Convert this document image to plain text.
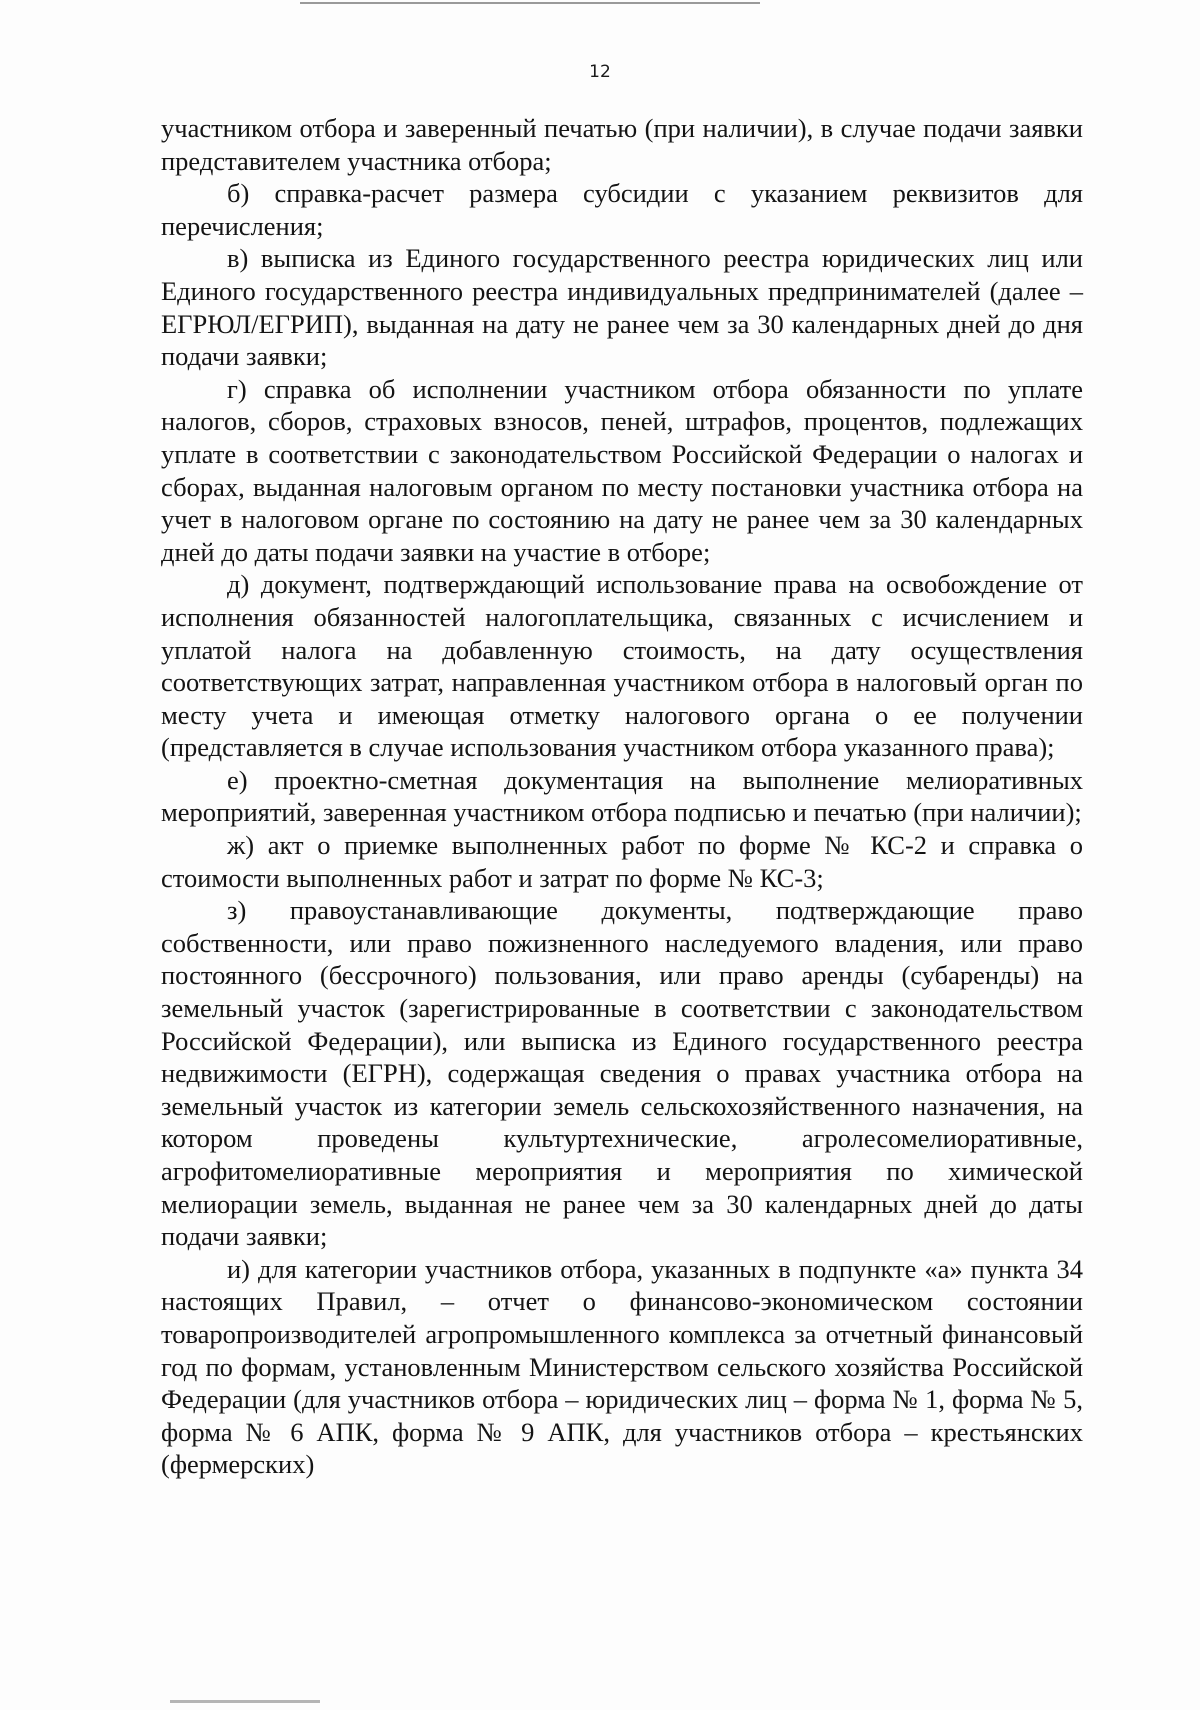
12

участником отбора и заверенный печатью (при наличии), в случае подачи заявки представителем участника отбора;

б) справка-расчет размера субсидии с указанием реквизитов для перечисления;

в) выписка из Единого государственного реестра юридических лиц или Единого государственного реестра индивидуальных предпринимателей (далее – ЕГРЮЛ/ЕГРИП), выданная на дату не ранее чем за 30 календарных дней до дня подачи заявки;

г) справка об исполнении участником отбора обязанности по уплате налогов, сборов, страховых взносов, пеней, штрафов, процентов, подлежащих уплате в соответствии с законодательством Российской Федерации о налогах и сборах, выданная налоговым органом по месту постановки участника отбора на учет в налоговом органе по состоянию на дату не ранее чем за 30 календарных дней до даты подачи заявки на участие в отборе;

д) документ, подтверждающий использование права на освобождение от исполнения обязанностей налогоплательщика, связанных с исчислением и уплатой налога на добавленную стоимость, на дату осуществления соответствующих затрат, направленная участником отбора в налоговый орган по месту учета и имеющая отметку налогового органа о ее получении (представляется в случае использования участником отбора указанного права);

е) проектно-сметная документация на выполнение мелиоративных мероприятий, заверенная участником отбора подписью и печатью (при наличии);

ж) акт о приемке выполненных работ по форме № КС-2 и справка о стоимости выполненных работ и затрат по форме № КС-3;

з) правоустанавливающие документы, подтверждающие право собственности, или право пожизненного наследуемого владения, или право постоянного (бессрочного) пользования, или право аренды (субаренды) на земельный участок (зарегистрированные в соответствии с законодательством Российской Федерации), или выписка из Единого государственного реестра недвижимости (ЕГРН), содержащая сведения о правах участника отбора на земельный участок из категории земель сельскохозяйственного назначения, на котором проведены культуртехнические, агролесомелиоративные, агрофитомелиоративные мероприятия и мероприятия по химической мелиорации земель, выданная не ранее чем за 30 календарных дней до даты подачи заявки;

и) для категории участников отбора, указанных в подпункте «а» пункта 34 настоящих Правил, – отчет о финансово-экономическом состоянии товаропроизводителей агропромышленного комплекса за отчетный финансовый год по формам, установленным Министерством сельского хозяйства Российской Федерации (для участников отбора – юридических лиц – форма № 1, форма № 5, форма № 6 АПК, форма № 9 АПК, для участников отбора – крестьянских (фермерских)
